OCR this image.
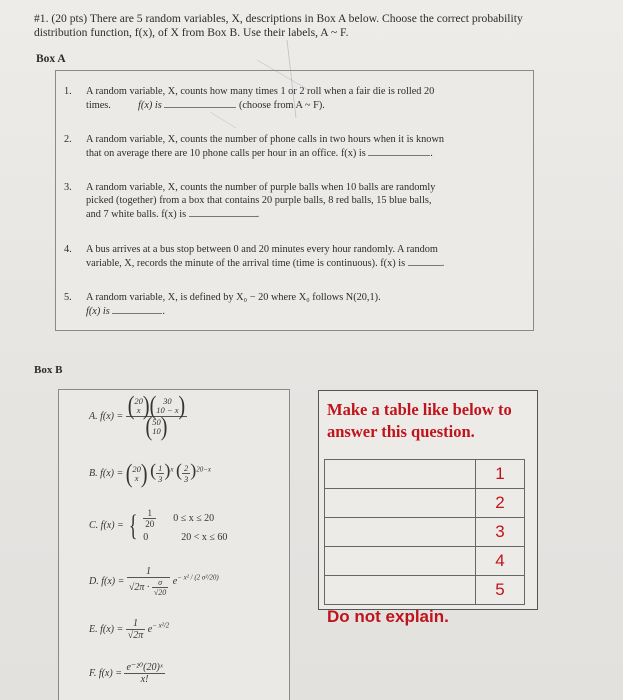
#1. (20 pts) There are 5 random variables, X, descriptions in Box A below. Choose the correct probability
distribution function, f(x), of X from Box B. Use their labels, A ~ F.
Box A
1.	A random variable, X, counts how many times 1 or 2 roll when a fair die is rolled 20
times.	f(x) is	(choose from A ~ F).
2.	A random variable, X, counts the number of phone calls in two hours when it is known
that on average there are 10 phone calls per hour in an office. f(x) is	.
3.	A random variable, X, counts the number of purple balls when 10 balls are randomly
picked (together) from a box that contains 20 purple balls, 8 red balls, 15 blue balls,
and 7 white balls. f(x) is	.
4.	A bus arrives at a bus stop between 0 and 20 minutes every hour randomly. A random
variable, X, records the minute of the arrival time (time is continuous). f(x) is	.
5.	A random variable, X, is defined by X₀ − 20 where X₀ follows N(20,1).
f(x) is	.
Box B
A. f(x) = ( 20
x ) ( 30
10 − x )
( 50
10 )
B. f(x) = ( 20
x ) ( $\frac{1}{3} )^x$ ( $\frac{2}{3} )^{20-x}$
C. f(x) = { $\frac{1}{20} 0 \le x \le 20$
0	20 < x ≤ 60
D. $f(x) = \frac{1}{√2\pi \cdot \frac{\sigma}{√20}} e^{- x^2 / (2 \sigma^2/20)}$
E. $f(x) = \frac{1}{√2\pi} e^{- x^2/2}$
F. $f(x) = \frac{\text{e⁻²⁰(20)ˣ}}{x!}$
Make a table like below to answer this question.
	1
	2
	3
	4
	5
Do not explain.
